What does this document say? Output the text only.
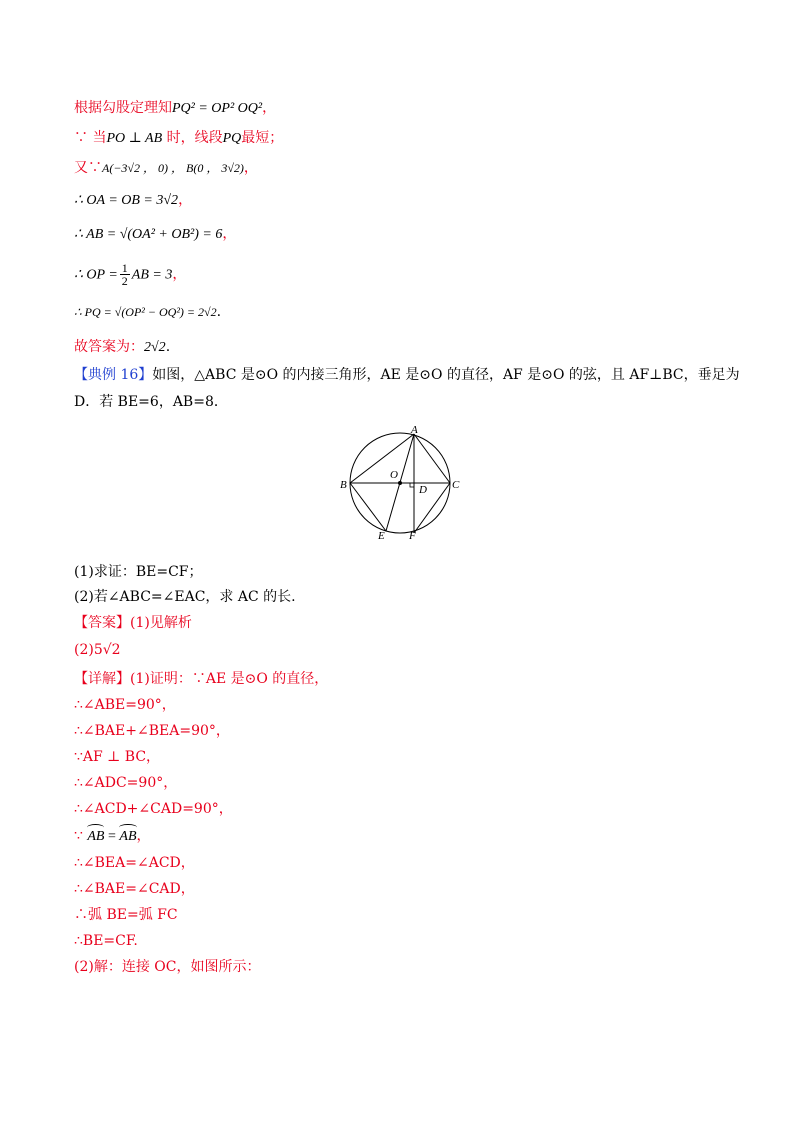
根据勾股定理知PQ² = OP² OQ²，
∵ 当PO ⊥ AB 时，线段PQ最短；
又∵A(−3√2 ， 0) ， B(0 ， 3√2)，
∴ OA = OB = 3√2，
∴ AB = √(OA² + OB²) = 6，
∴ OP = $\frac{1}{2}$ AB = 3，
∴ PQ = √(OP² − OQ²) = 2√2.
故答案为：2√2.
【典例 16】如图，△ABC 是⊙O 的内接三角形，AE 是⊙O 的直径，AF 是⊙O 的弦，且 AF⊥BC，垂足为
D．若 BE=6，AB=8．
A
B	C
D
E F
O
(1)求证：BE=CF；
(2)若∠ABC=∠EAC，求 AC 的长.
【答案】(1)见解析
(2)5√2
【详解】(1)证明：∵AE 是⊙O 的直径，
∴∠ABE=90°，
∴∠BAE+∠BEA=90°，
∵AF ⊥ BC，
∴∠ADC=90°，
∴∠ACD+∠CAD=90°，
∵ AB = AB，
∴∠BEA=∠ACD，
∴∠BAE=∠CAD，
∴弧 BE=弧 FC
∴BE=CF.
(2)解：连接 OC，如图所示：
